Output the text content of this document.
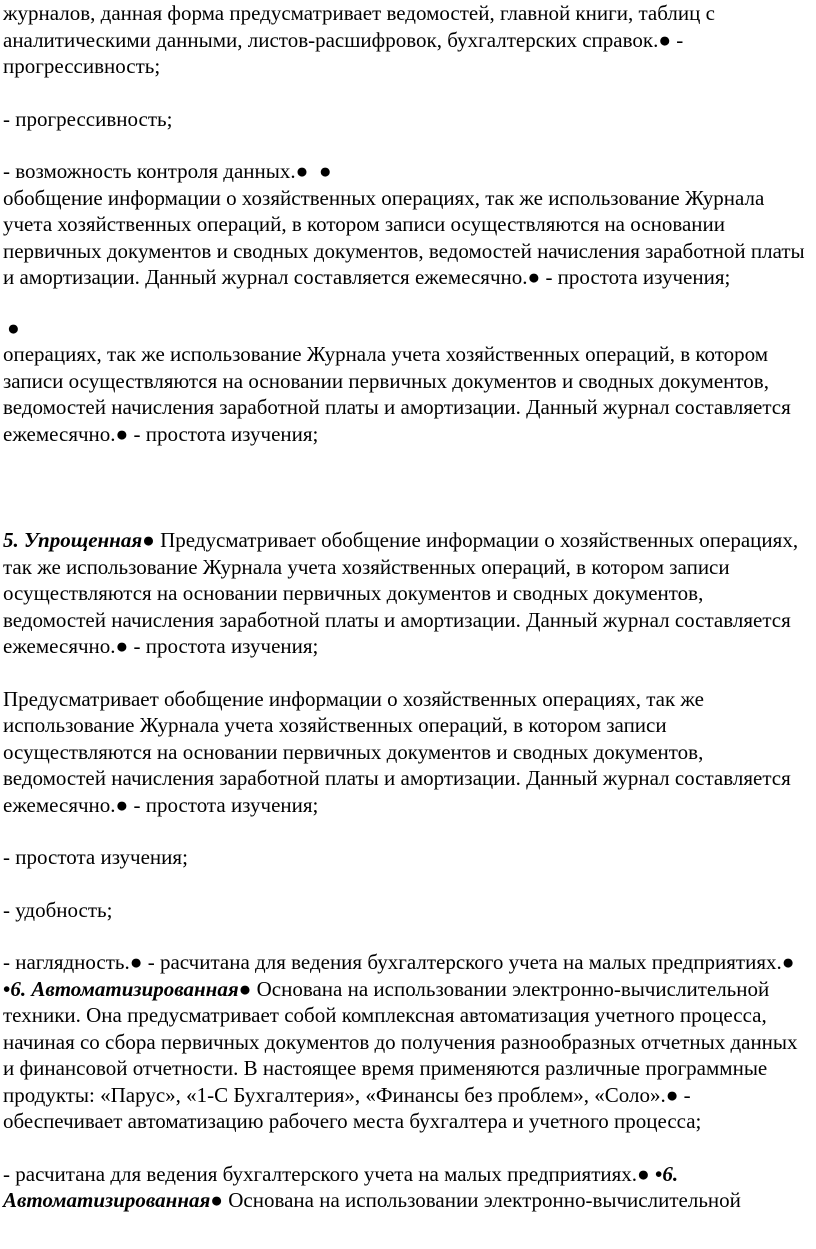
журналов, данная форма предусматривает ведомостей, главной книги, таблиц с аналитическими данными, листов-расшифровок, бухгалтерских справок.● - прогрессивность;

- прогрессивность;

- возможность контроля данных.●  ●

обобщение информации о хозяйственных операциях, так же использование Журнала учета хозяйственных операций, в котором записи осуществляются на основании первичных документов и сводных документов, ведомостей начисления заработной платы и амортизации. Данный журнал составляется ежемесячно.● - простота изучения;

●

операциях, так же использование Журнала учета хозяйственных операций, в котором записи осуществляются на основании первичных документов и сводных документов, ведомостей начисления заработной платы и амортизации. Данный журнал составляется ежемесячно.● - простота изучения;

5. Упрощенная● Предусматривает обобщение информации о хозяйственных операциях, так же использование Журнала учета хозяйственных операций, в котором записи осуществляются на основании первичных документов и сводных документов, ведомостей начисления заработной платы и амортизации. Данный журнал составляется ежемесячно.● - простота изучения;

Предусматривает обобщение информации о хозяйственных операциях, так же использование Журнала учета хозяйственных операций, в котором записи осуществляются на основании первичных документов и сводных документов, ведомостей начисления заработной платы и амортизации. Данный журнал составляется ежемесячно.● - простота изучения;

- простота изучения;

- удобность;

- наглядность.● - расчитана для ведения бухгалтерского учета на малых предприятиях.● •6. Автоматизированная● Основана на использовании электронно-вычислительной техники. Она предусматривает собой комплексная автоматизация учетного процесса, начиная со сбора первичных документов до получения разнообразных отчетных данных и финансовой отчетности. В настоящее время применяются различные программные продукты: «Парус», «1-С Бухгалтерия», «Финансы без проблем», «Соло».● - обеспечивает автоматизацию рабочего места бухгалтера и учетного процесса;

- расчитана для ведения бухгалтерского учета на малых предприятиях.● •6. Автоматизированная● Основана на использовании электронно-вычислительной
